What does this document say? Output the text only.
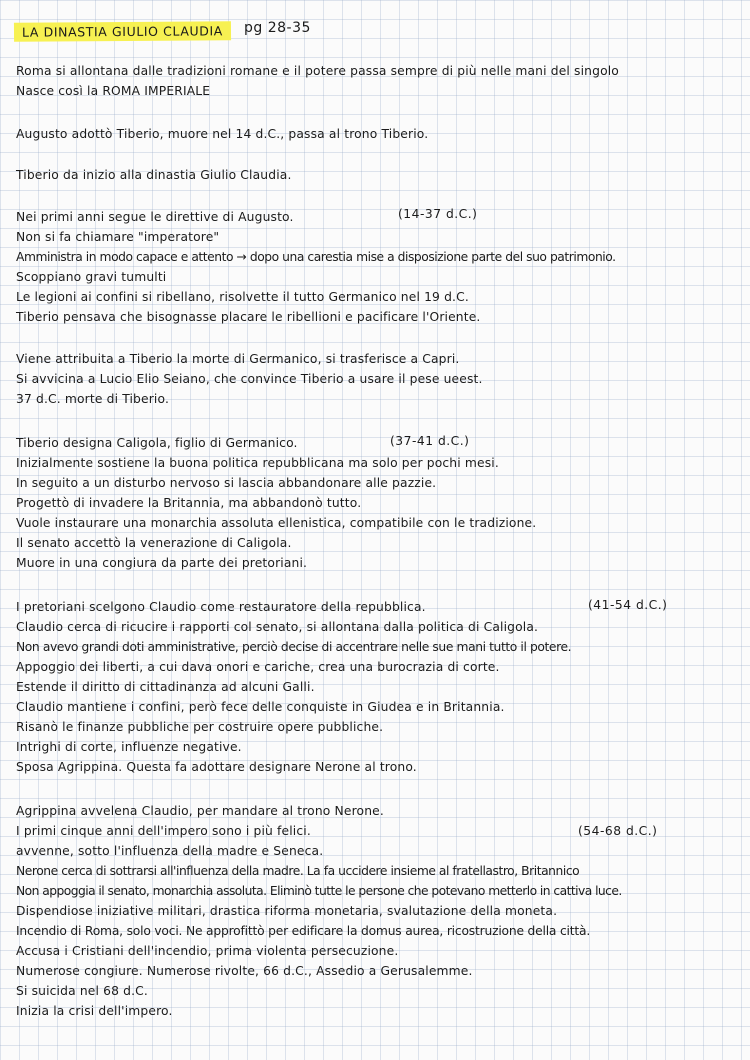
LA DINASTIA GIULIO CLAUDIA	pg 28-35
Roma si allontana dalle tradizioni romane e il potere passa sempre di più nelle mani del singolo
Nasce così la ROMA IMPERIALE
Augusto adottò Tiberio, muore nel 14 d.C., passa al trono Tiberio.
Tiberio da inizio alla dinastia Giulio Claudia.
(14-37 d.C.)
Nei primi anni segue le direttive di Augusto.
Non si fa chiamare "imperatore"
Amministra in modo capace e attento → dopo una carestia mise a disposizione parte del suo patrimonio.
Scoppiano gravi tumulti
Le legioni ai confini si ribellano, risolvette il tutto Germanico nel 19 d.C.
Tiberio pensava che bisognasse placare le ribellioni e pacificare l'Oriente.
Viene attribuita a Tiberio la morte di Germanico, si trasferisce a Capri.
Si avvicina a Lucio Elio Seiano, che convince Tiberio a usare il pese ueest.
37 d.C. morte di Tiberio.
(37-41 d.C.)
Tiberio designa Caligola, figlio di Germanico.
Inizialmente sostiene la buona politica repubblicana ma solo per pochi mesi.
In seguito a un disturbo nervoso si lascia abbandonare alle pazzie.
Progettò di invadere la Britannia, ma abbandonò tutto.
Vuole instaurare una monarchia assoluta ellenistica, compatibile con le tradizione.
Il senato accettò la venerazione di Caligola.
Muore in una congiura da parte dei pretoriani.
(41-54 d.C.)
I pretoriani scelgono Claudio come restauratore della repubblica.
Claudio cerca di ricucire i rapporti col senato, si allontana dalla politica di Caligola.
Non avevo grandi doti amministrative, perciò decise di accentrare nelle sue mani tutto il potere.
Appoggio dei liberti, a cui dava onori e cariche, crea una burocrazia di corte.
Estende il diritto di cittadinanza ad alcuni Galli.
Claudio mantiene i confini, però fece delle conquiste in Giudea e in Britannia.
Risanò le finanze pubbliche per costruire opere pubbliche.
Intrighi di corte, influenze negative.
Sposa Agrippina. Questa fa adottare designare Nerone al trono.
Agrippina avvelena Claudio, per mandare al trono Nerone.
(54-68 d.C.)
I primi cinque anni dell'impero sono i più felici.
avvenne, sotto l'influenza della madre e Seneca.
Nerone cerca di sottrarsi all'influenza della madre. La fa uccidere insieme al fratellastro, Britannico
Non appoggia il senato, monarchia assoluta. Eliminò tutte le persone che potevano metterlo in cattiva luce.
Dispendiose iniziative militari, drastica riforma monetaria, svalutazione della moneta.
Incendio di Roma, solo voci. Ne approfittò per edificare la domus aurea, ricostruzione della città.
Accusa i Cristiani dell'incendio, prima violenta persecuzione.
Numerose congiure. Numerose rivolte, 66 d.C., Assedio a Gerusalemme.
Si suicida nel 68 d.C.
Inizia la crisi dell'impero.
